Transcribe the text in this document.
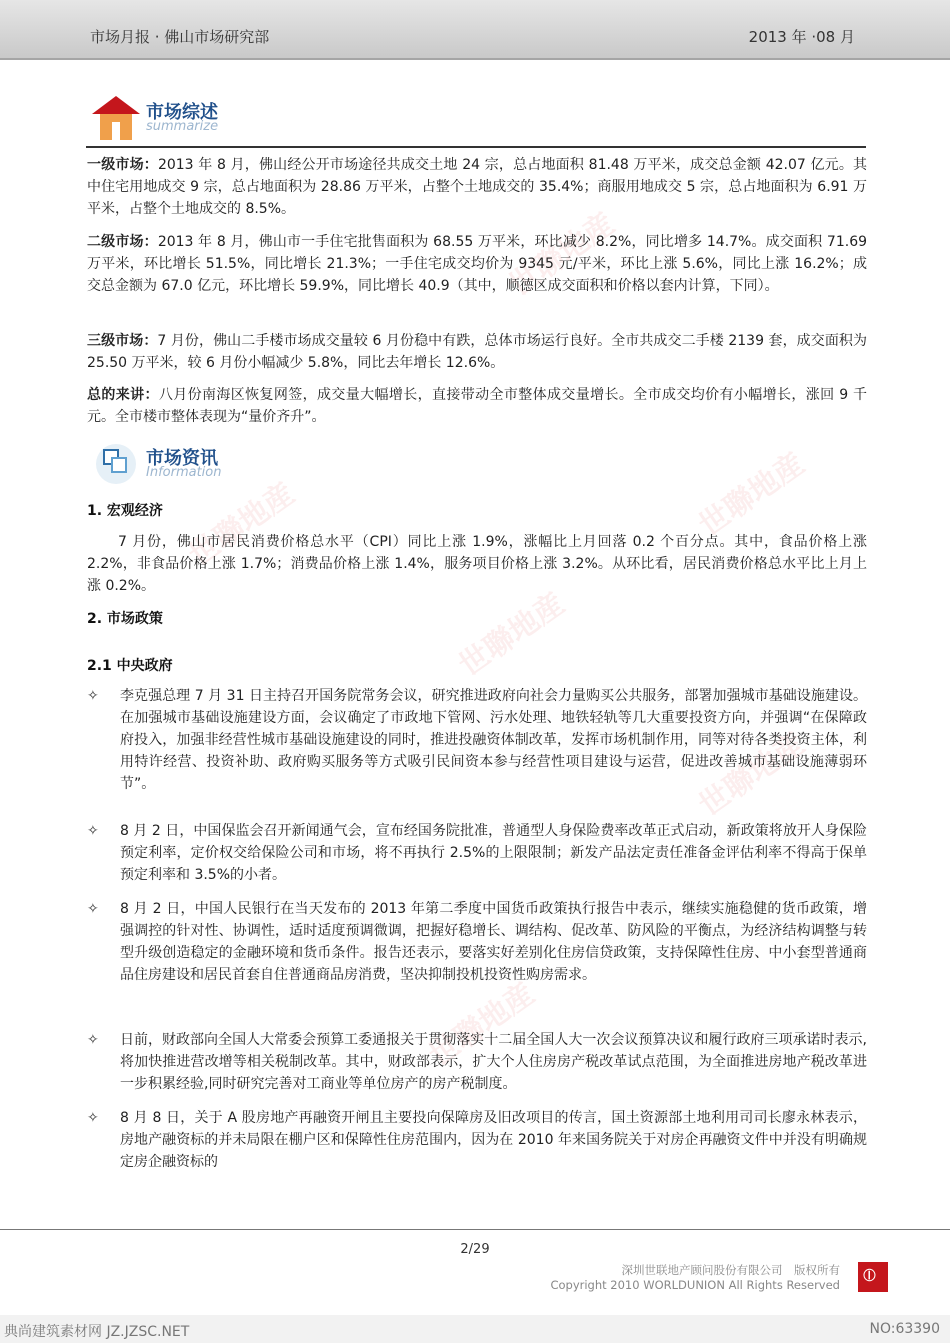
市场月报 · 佛山市场研究部	2013 年 ·08 月
世聯地産	世聯地産
世聯地産
世聯地産
世聯地産
世聯地産
市场综述
summarize

一级市场：2013 年 8 月，佛山经公开市场途径共成交土地 24 宗，总占地面积 81.48 万平米，成交总金额 42.07 亿元。其中住宅用地成交 9 宗，总占地面积为 28.86 万平米，占整个土地成交的 35.4%；商服用地成交 5 宗，总占地面积为 6.91 万平米，占整个土地成交的 8.5%。

二级市场：2013 年 8 月，佛山市一手住宅批售面积为 68.55 万平米，环比减少 8.2%，同比增多 14.7%。成交面积 71.69 万平米，环比增长 51.5%，同比增长 21.3%；一手住宅成交均价为 9345 元/平米，环比上涨 5.6%，同比上涨 16.2%；成交总金额为 67.0 亿元，环比增长 59.9%，同比增长 40.9（其中，顺德区成交面积和价格以套内计算，下同）。

三级市场：7 月份，佛山二手楼市场成交量较 6 月份稳中有跌，总体市场运行良好。全市共成交二手楼 2139 套，成交面积为 25.50 万平米，较 6 月份小幅减少 5.8%，同比去年增长 12.6%。

总的来讲：八月份南海区恢复网签，成交量大幅增长，直接带动全市整体成交量增长。全市成交均价有小幅增长，涨回 9 千元。全市楼市整体表现为“量价齐升”。

市场资讯
Information
1. 宏观经济

7 月份，佛山市居民消费价格总水平（CPI）同比上涨 1.9%，涨幅比上月回落 0.2 个百分点。其中，食品价格上涨 2.2%，非食品价格上涨 1.7%；消费品价格上涨 1.4%，服务项目价格上涨 3.2%。从环比看，居民消费价格总水平比上月上涨 0.2%。

2. 市场政策
2.1 中央政府
✧	李克强总理 7 月 31 日主持召开国务院常务会议，研究推进政府向社会力量购买公共服务，部署加强城市基础设施建设。在加强城市基础设施建设方面，会议确定了市政地下管网、污水处理、地铁轻轨等几大重要投资方向，并强调“在保障政府投入，加强非经营性城市基础设施建设的同时，推进投融资体制改革，发挥市场机制作用，同等对待各类投资主体，利用特许经营、投资补助、政府购买服务等方式吸引民间资本参与经营性项目建设与运营，促进改善城市基础设施薄弱环节”。
✧	8 月 2 日，中国保监会召开新闻通气会，宣布经国务院批准，普通型人身保险费率改革正式启动，新政策将放开人身保险预定利率，定价权交给保险公司和市场，将不再执行 2.5%的上限限制；新发产品法定责任准备金评估利率不得高于保单预定利率和 3.5%的小者。
✧	8 月 2 日，中国人民银行在当天发布的 2013 年第二季度中国货币政策执行报告中表示，继续实施稳健的货币政策，增强调控的针对性、协调性，适时适度预调微调，把握好稳增长、调结构、促改革、防风险的平衡点，为经济结构调整与转型升级创造稳定的金融环境和货币条件。报告还表示，要落实好差别化住房信贷政策，支持保障性住房、中小套型普通商品住房建设和居民首套自住普通商品房消费，坚决抑制投机投资性购房需求。
✧	日前，财政部向全国人大常委会预算工委通报关于贯彻落实十二届全国人大一次会议预算决议和履行政府三项承诺时表示,将加快推进营改增等相关税制改革。其中，财政部表示，扩大个人住房房产税改革试点范围，为全面推进房地产税改革进一步积累经验,同时研究完善对工商业等单位房产的房产税制度。
✧	8 月 8 日，关于 A 股房地产再融资开闸且主要投向保障房及旧改项目的传言，国土资源部土地利用司司长廖永林表示，房地产融资标的并未局限在棚户区和保障性住房范围内，因为在 2010 年来国务院关于对房企再融资文件中并没有明确规定房企融资标的
2/29
深圳世联地产顾问股份有限公司　版权所有
Copyright 2010 WORLDUNION All Rights Reserved ⦶
典尚建筑素材网 JZ.JZSC.NET	NO:63390
